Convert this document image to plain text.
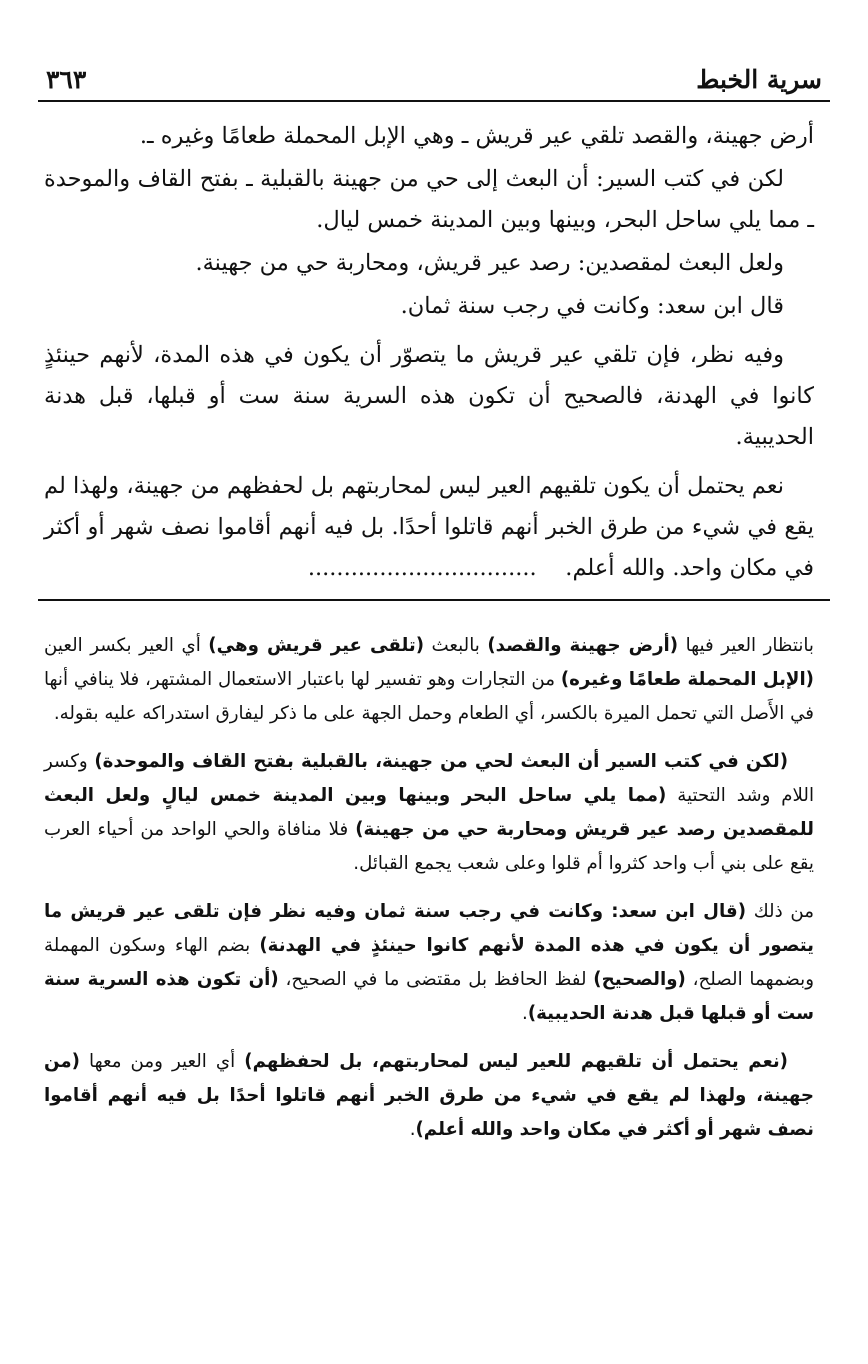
سرية الخبط
٣٦٣

أرض جهينة، والقصد تلقي عير قريش ـ وهي الإبل المحملة طعامًا وغيره ـ.

لكن في كتب السير: أن البعث إلى حي من جهينة بالقبلية ـ بفتح القاف والموحدة ـ مما يلي ساحل البحر، وبينها وبين المدينة خمس ليال.

ولعل البعث لمقصدين: رصد عير قريش، ومحاربة حي من جهينة.

قال ابن سعد: وكانت في رجب سنة ثمان.

وفيه نظر، فإن تلقي عير قريش ما يتصوّر أن يكون في هذه المدة، لأنهم حينئذٍ كانوا في الهدنة، فالصحيح أن تكون هذه السرية سنة ست أو قبلها، قبل هدنة الحديبية.

نعم يحتمل أن يكون تلقيهم العير ليس لمحاربتهم بل لحفظهم من جهينة، ولهذا لم يقع في شيء من طرق الخبر أنهم قاتلوا أحدًا. بل فيه أنهم أقاموا نصف شهر أو أكثر في مكان واحد. والله أعلم.    ................................

بانتظار العير فيها (أرض جهينة والقصد) بالبعث (تلقى عير قريش وهي) أي العير بكسر العين (الإبل المحملة طعامًا وغيره) من التجارات وهو تفسير لها باعتبار الاستعمال المشتهر، فلا ينافي أنها في الأَصل التي تحمل الميرة بالكسر، أي الطعام وحمل الجهة على ما ذكر ليفارق استدراكه عليه بقوله.

(لكن في كتب السير أن البعث لحي من جهينة، بالقبلية بفتح القاف والموحدة) وكسر اللام وشد التحتية (مما يلي ساحل البحر وبينها وبين المدينة خمس ليالٍ ولعل البعث للمقصدين رصد عير قريش ومحاربة حي من جهينة) فلا منافاة والحي الواحد من أحياء العرب يقع على بني أب واحد كثروا أم قلوا وعلى شعب يجمع القبائل.

من ذلك (قال ابن سعد: وكانت في رجب سنة ثمان وفيه نظر فإن تلقى عير قريش ما يتصور أن يكون في هذه المدة لأنهم كانوا حينئذٍ في الهدنة) بضم الهاء وسكون المهملة وبضمهما الصلح، (والصحيح) لفظ الحافظ بل مقتضى ما في الصحيح، (أن تكون هذه السرية سنة ست أو قبلها قبل هدنة الحديبية).

(نعم يحتمل أن تلقيهم للعير ليس لمحاربتهم، بل لحفظهم) أي العير ومن معها (من جهينة، ولهذا لم يقع في شيء من طرق الخبر أنهم قاتلوا أحدًا بل فيه أنهم أقاموا نصف شهر أو أكثر في مكان واحد والله أعلم).
